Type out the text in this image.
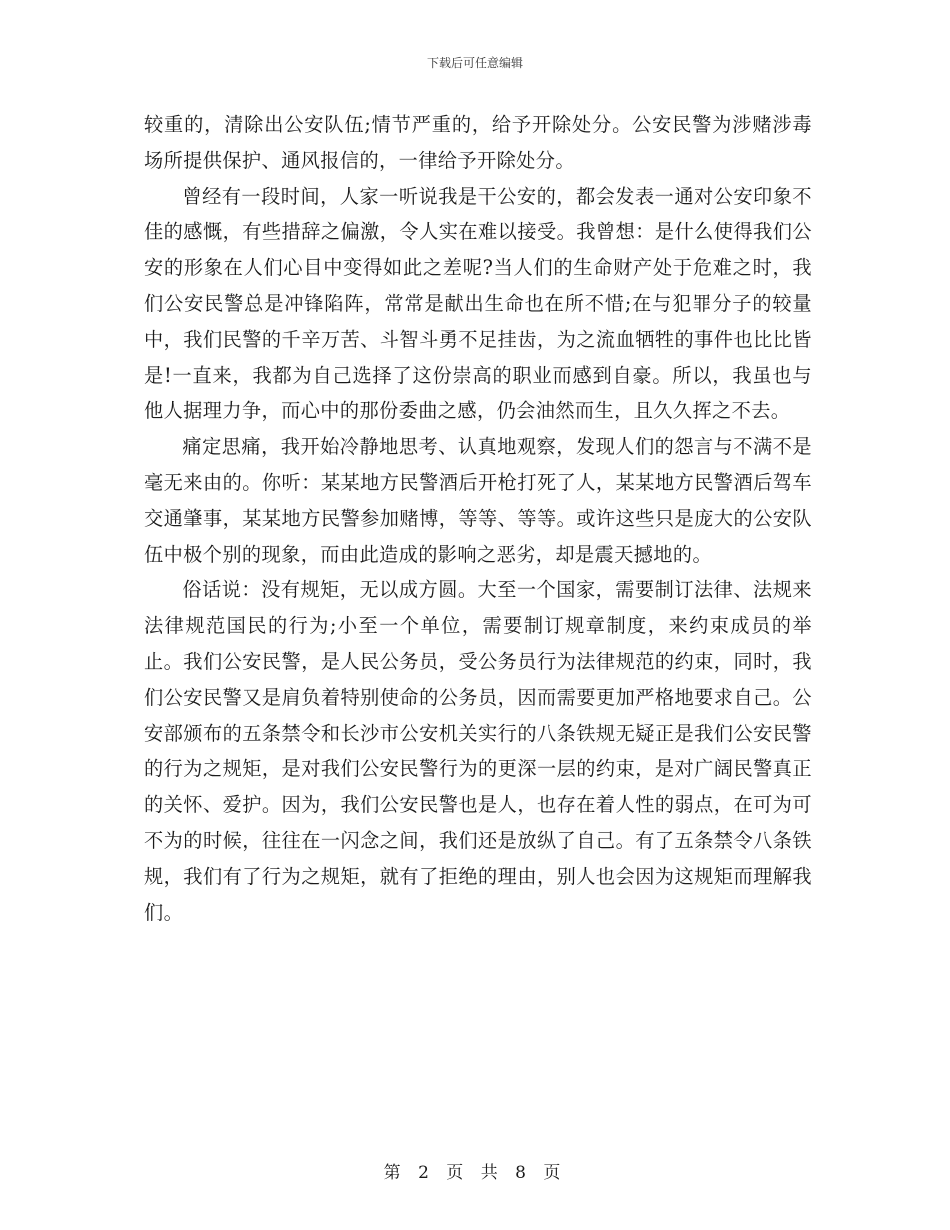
下载后可任意编辑

较重的，清除出公安队伍;情节严重的，给予开除处分。公安民警为涉赌涉毒场所提供保护、通风报信的，一律给予开除处分。

曾经有一段时间，人家一听说我是干公安的，都会发表一通对公安印象不佳的感慨，有些措辞之偏激，令人实在难以接受。我曾想：是什么使得我们公安的形象在人们心目中变得如此之差呢?当人们的生命财产处于危难之时，我们公安民警总是冲锋陷阵，常常是献出生命也在所不惜;在与犯罪分子的较量中，我们民警的千辛万苦、斗智斗勇不足挂齿，为之流血牺牲的事件也比比皆是!一直来，我都为自己选择了这份崇高的职业而感到自豪。所以，我虽也与他人据理力争，而心中的那份委曲之感，仍会油然而生，且久久挥之不去。

痛定思痛，我开始冷静地思考、认真地观察，发现人们的怨言与不满不是毫无来由的。你听：某某地方民警酒后开枪打死了人，某某地方民警酒后驾车交通肇事，某某地方民警参加赌博，等等、等等。或许这些只是庞大的公安队伍中极个别的现象，而由此造成的影响之恶劣，却是震天撼地的。

俗话说：没有规矩，无以成方圆。大至一个国家，需要制订法律、法规来法律规范国民的行为;小至一个单位，需要制订规章制度，来约束成员的举止。我们公安民警，是人民公务员，受公务员行为法律规范的约束，同时，我们公安民警又是肩负着特别使命的公务员，因而需要更加严格地要求自己。公安部颁布的五条禁令和长沙市公安机关实行的八条铁规无疑正是我们公安民警的行为之规矩，是对我们公安民警行为的更深一层的约束，是对广阔民警真正的关怀、爱护。因为，我们公安民警也是人，也存在着人性的弱点，在可为可不为的时候，往往在一闪念之间，我们还是放纵了自己。有了五条禁令八条铁规，我们有了行为之规矩，就有了拒绝的理由，别人也会因为这规矩而理解我们。

第 2 页 共 8 页
